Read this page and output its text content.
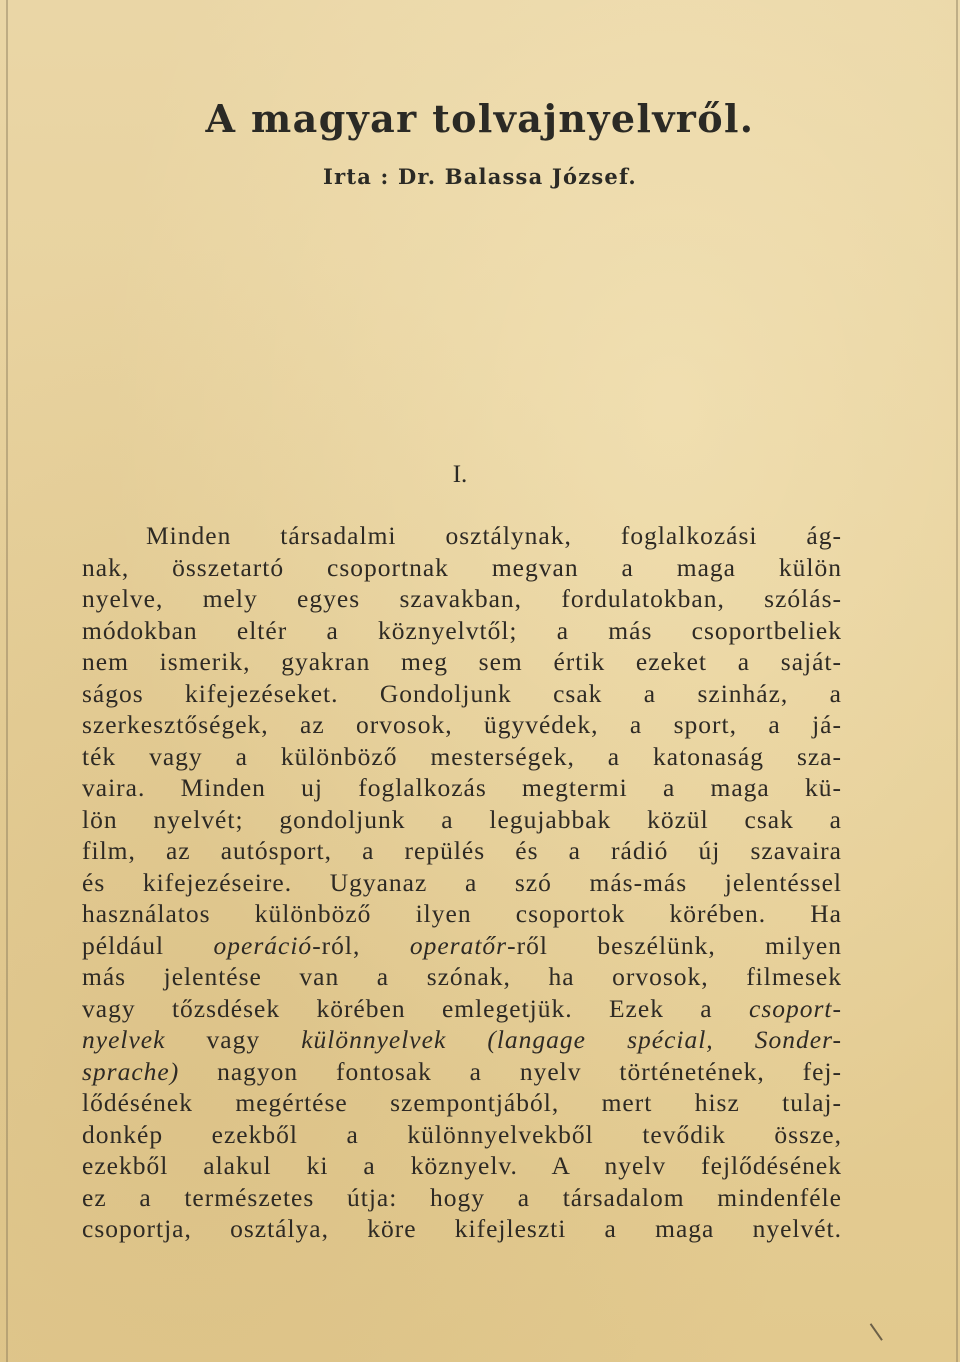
A magyar tolvajnyelvről.
Irta : Dr. Balassa József.
I.
Minden társadalmi osztálynak, foglalkozási ág-
nak, összetartó csoportnak megvan a maga külön
nyelve, mely egyes szavakban, fordulatokban, szólás-
módokban eltér a köznyelvtől; a más csoportbeliek
nem ismerik, gyakran meg sem értik ezeket a saját-
ságos kifejezéseket. Gondoljunk csak a szinház, a
szerkesztőségek, az orvosok, ügyvédek, a sport, a já-
ték vagy a különböző mesterségek, a katonaság sza-
vaira. Minden uj foglalkozás megtermi a maga kü-
lön nyelvét; gondoljunk a legujabbak közül csak a
film, az autósport, a repülés és a rádió új szavaira
és kifejezéseire. Ugyanaz a szó más-más jelentéssel
használatos különböző ilyen csoportok körében. Ha
például operáció-ról, operatőr-ről beszélünk, milyen
más jelentése van a szónak, ha orvosok, filmesek
vagy tőzsdések körében emlegetjük. Ezek a csoport-
nyelvek vagy különnyelvek (langage spécial, Sonder-
sprache) nagyon fontosak a nyelv történetének, fej-
lődésének megértése szempontjából, mert hisz tulaj-
donkép ezekből a különnyelvekből tevődik össze,
ezekből alakul ki a köznyelv. A nyelv fejlődésének
ez a természetes útja: hogy a társadalom mindenféle
csoportja, osztálya, köre kifejleszti a maga nyelvét.
